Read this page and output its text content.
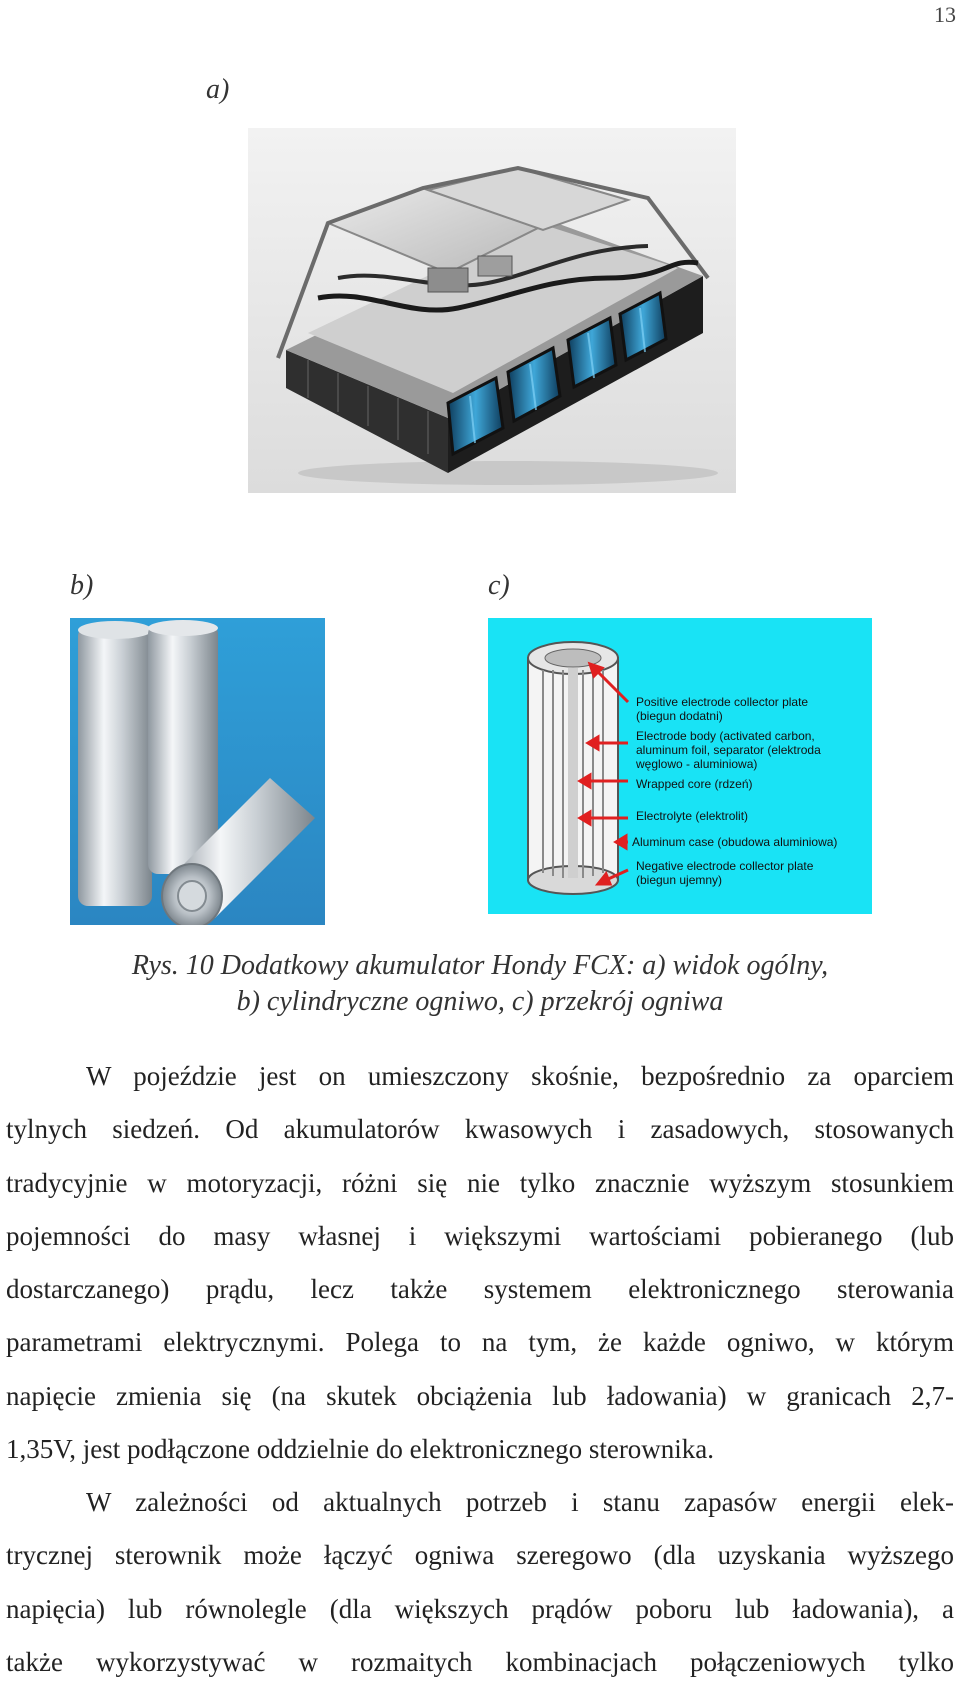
13
a)
b)	c)
Positive electrode collector plate
(biegun dodatni)
Electrode body (activated carbon,
aluminum foil, separator (elektroda
węglowo - aluminiowa)
Wrapped core (rdzeń)
Electrolyte (elektrolit)
Aluminum case (obudowa aluminiowa)
Negative electrode collector plate
(biegun ujemny)
Rys. 10 Dodatkowy akumulator Hondy FCX: a) widok ogólny,
b) cylindryczne ogniwo, c) przekrój ogniwa
W pojeździe jest on umieszczony skośnie, bezpośrednio za oparciem
tylnych siedzeń. Od akumulatorów kwasowych i zasadowych, stosowanych
tradycyjnie w motoryzacji, różni się nie tylko znacznie wyższym stosunkiem
pojemności do masy własnej i większymi wartościami pobieranego (lub
dostarczanego) prądu, lecz także systemem elektronicznego sterowania
parametrami elektrycznymi. Polega to na tym, że każde ogniwo, w którym
napięcie zmienia się (na skutek obciążenia lub ładowania) w granicach 2,7-
1,35V, jest podłączone oddzielnie do elektronicznego sterownika.
W zależności od aktualnych potrzeb i stanu zapasów energii elek-
trycznej sterownik może łączyć ogniwa szeregowo (dla uzyskania wyższego
napięcia) lub równolegle (dla większych prądów poboru lub ładowania), a
także wykorzystywać w rozmaitych kombinacjach połączeniowych tylko
